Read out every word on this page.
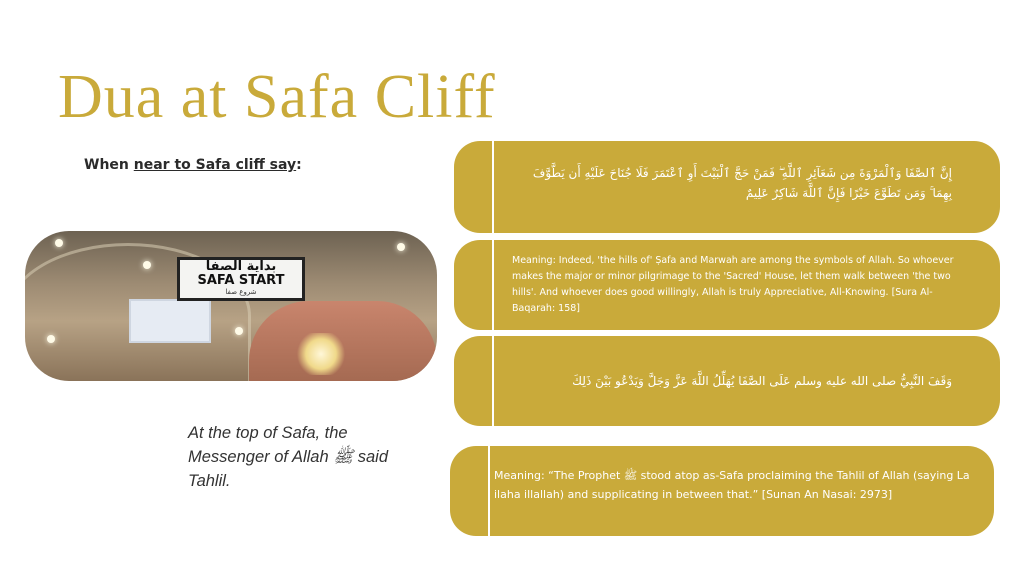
Dua at Safa Cliff
When near to Safa cliff say:
بداية الصفا
SAFA START
شروع صفا
At the top of Safa, the Messenger of Allah ﷺ said Tahlil.
إِنَّ ٱلصَّفَا وَٱلْمَرْوَةَ مِن شَعَآئِرِ ٱللَّهِ ۖ فَمَنْ حَجَّ ٱلْبَيْتَ أَوِ ٱعْتَمَرَ فَلَا جُنَاحَ عَلَيْهِ أَن يَطَّوَّفَ بِهِمَا ۚ وَمَن تَطَوَّعَ خَيْرًا فَإِنَّ ٱللَّهَ شَاكِرٌ عَلِيمٌ
Meaning: Indeed, 'the hills of' Ṣafa and Marwah are among the symbols of Allah. So whoever makes the major or minor pilgrimage to the 'Sacred' House, let them walk between 'the two hills'. And whoever does good willingly, Allah is truly Appreciative, All-Knowing. [Sura Al-Baqarah: 158]
وَقَفَ النَّبِيُّ صلى الله عليه وسلم عَلَى الصَّفَا يُهَلِّلُ اللَّهَ عَزَّ وَجَلَّ وَيَدْعُو بَيْنَ ذَلِكَ
Meaning: “The Prophet ﷺ stood atop as-Safa proclaiming the Tahlil of Allah (saying La ilaha illallah) and supplicating in between that.” [Sunan An Nasai: 2973]
